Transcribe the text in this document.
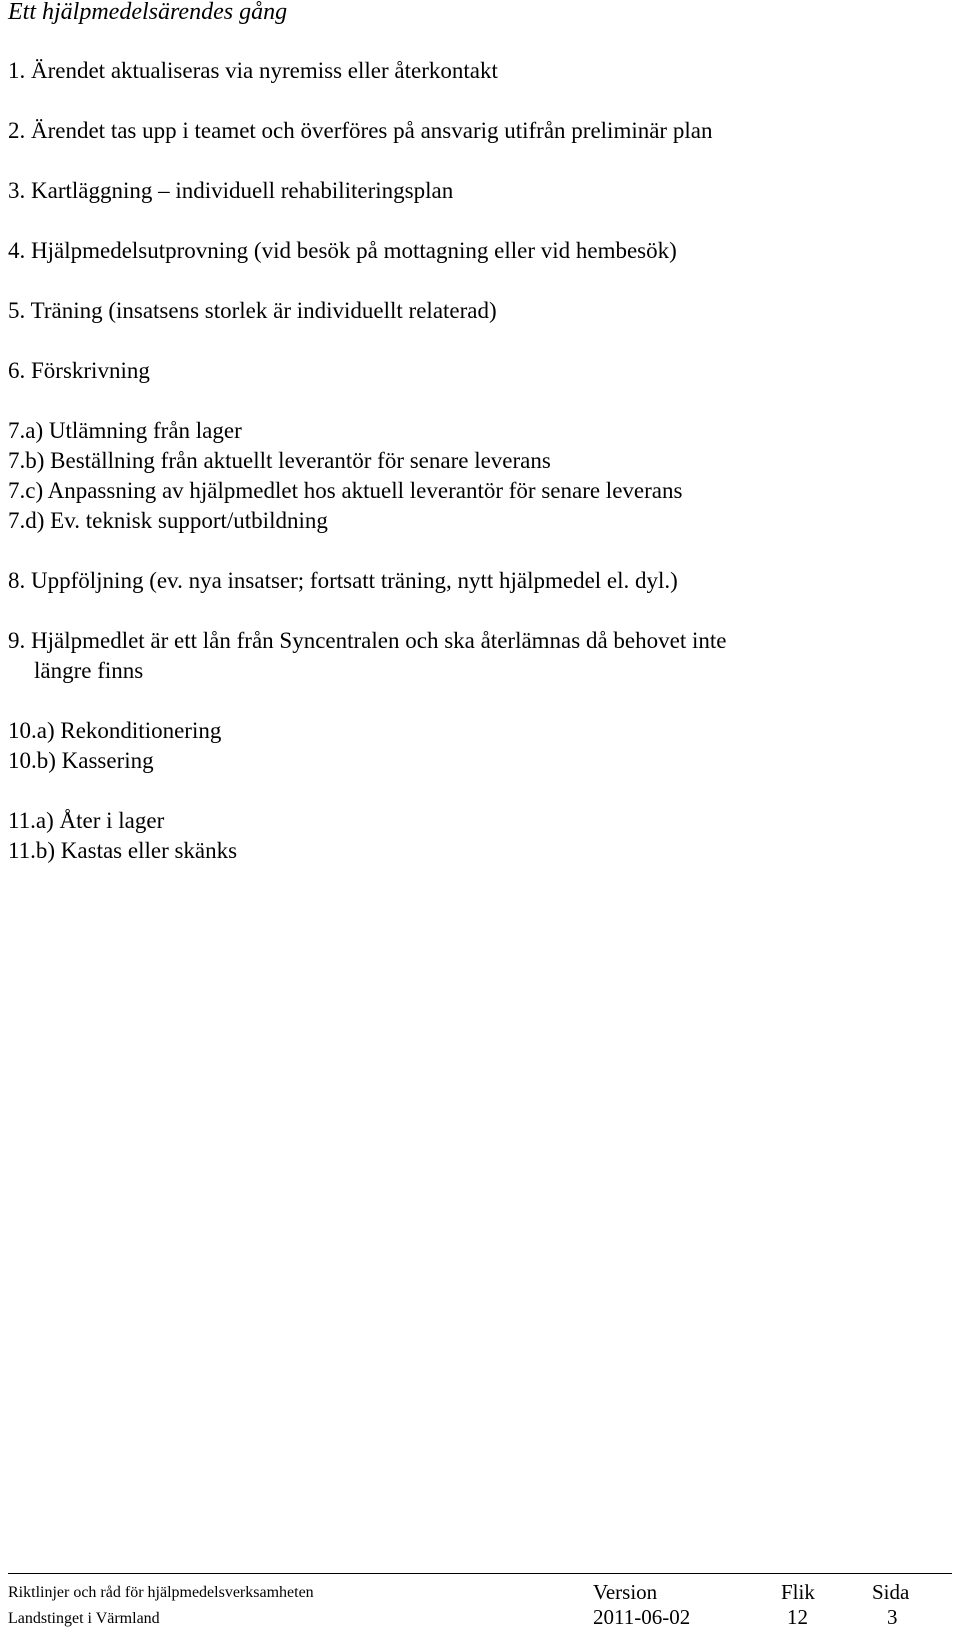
Ett hjälpmedelsärendes gång
1. Ärendet aktualiseras via nyremiss eller återkontakt
2. Ärendet tas upp i teamet och överföres på ansvarig utifrån preliminär plan
3. Kartläggning – individuell rehabiliteringsplan
4. Hjälpmedelsutprovning (vid besök på mottagning eller vid hembesök)
5. Träning (insatsens storlek är individuellt relaterad)
6. Förskrivning
7.a) Utlämning från lager
7.b) Beställning från aktuellt leverantör för senare leverans
7.c) Anpassning av hjälpmedlet hos aktuell leverantör för senare leverans
7.d) Ev. teknisk support/utbildning
8. Uppföljning (ev. nya insatser; fortsatt träning, nytt hjälpmedel el. dyl.)
9. Hjälpmedlet är ett lån från Syncentralen och ska återlämnas då behovet inte
längre finns
10.a) Rekonditionering
10.b) Kassering
11.a) Åter i lager
11.b) Kastas eller skänks
Riktlinjer och råd för hjälpmedelsverksamheten	Version	Flik	Sida
Landstinget i Värmland	2011-06-02	12	3
